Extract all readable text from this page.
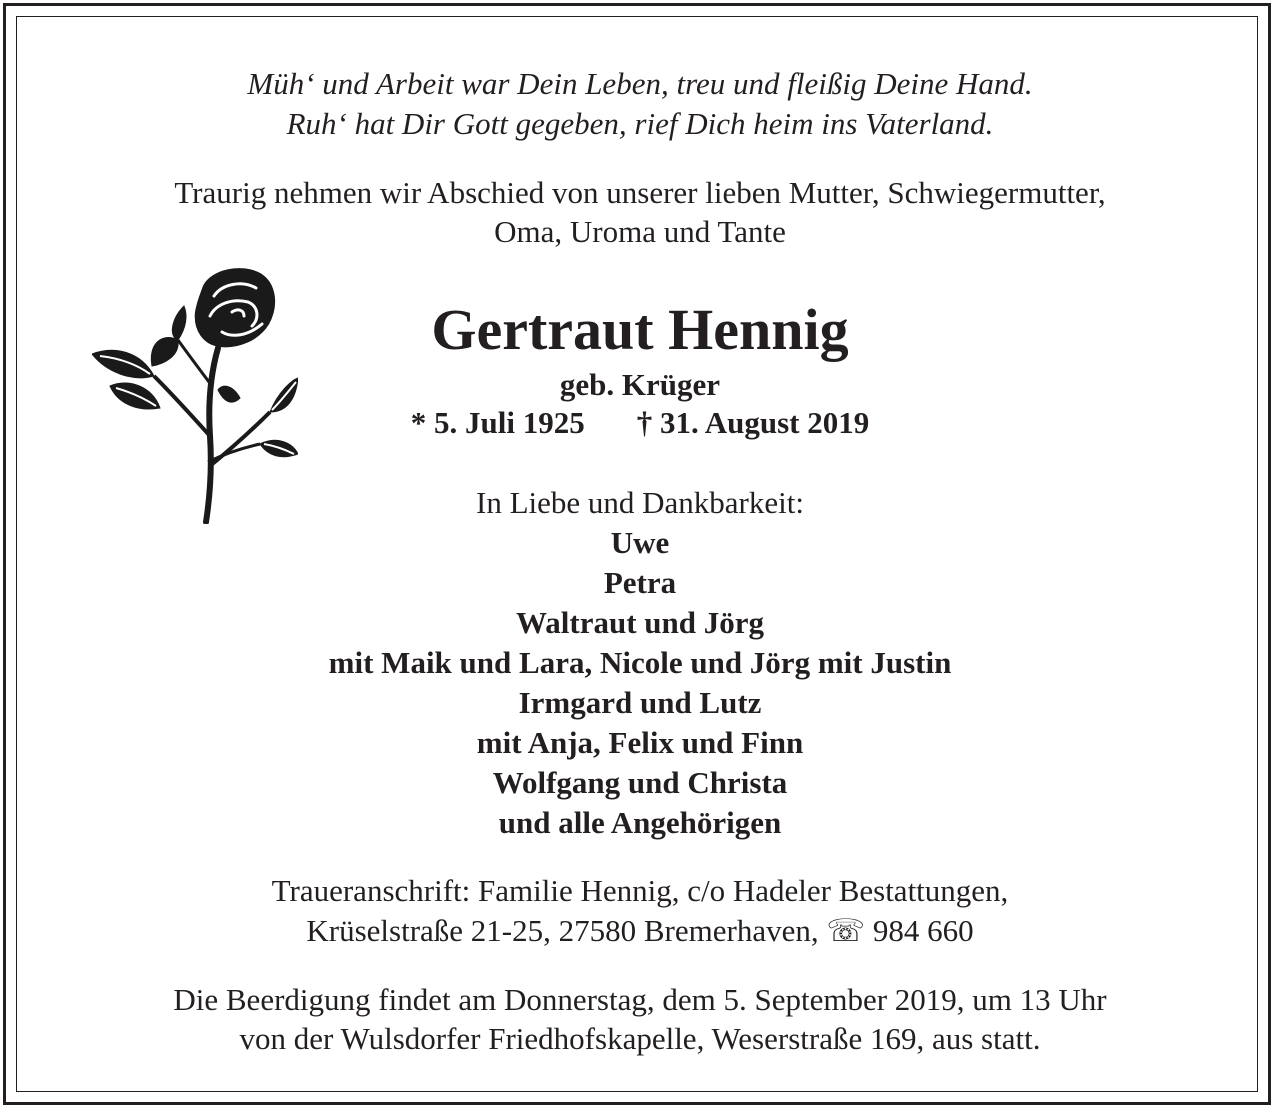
Müh‘ und Arbeit war Dein Leben, treu und fleißig Deine Hand.
Ruh‘ hat Dir Gott gegeben, rief Dich heim ins Vaterland.
Traurig nehmen wir Abschied von unserer lieben Mutter, Schwiegermutter,
Oma, Uroma und Tante
Gertraut Hennig
geb. Krüger
* 5. Juli 1925 † 31. August 2019
In Liebe und Dankbarkeit:
Uwe
Petra
Waltraut und Jörg
mit Maik und Lara, Nicole und Jörg mit Justin
Irmgard und Lutz
mit Anja, Felix und Finn
Wolfgang und Christa
und alle Angehörigen
Traueranschrift: Familie Hennig, c/o Hadeler Bestattungen,
Krüselstraße 21-25, 27580 Bremerhaven, ☏ 984 660
Die Beerdigung findet am Donnerstag, dem 5. September 2019, um 13 Uhr
von der Wulsdorfer Friedhofskapelle, Weserstraße 169, aus statt.
